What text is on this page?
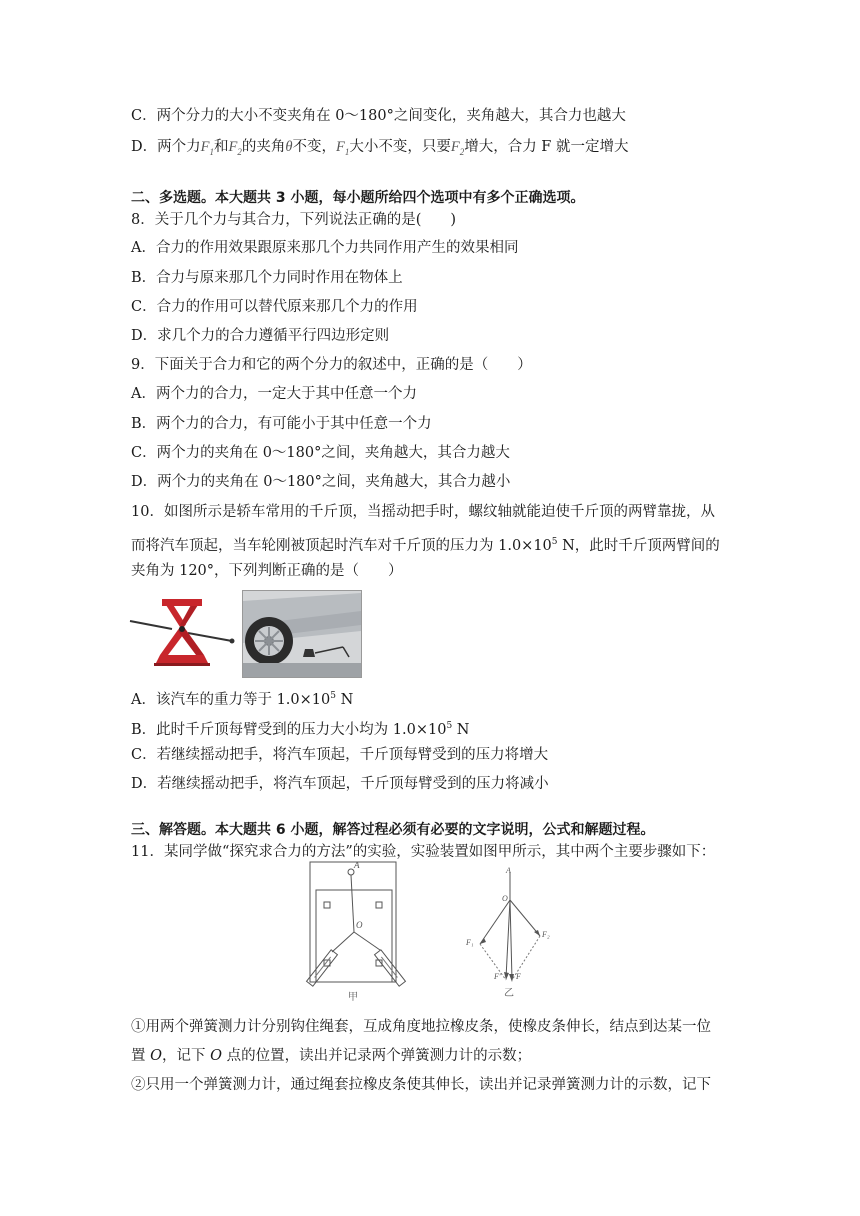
C．两个分力的大小不变夹角在 0～180°之间变化，夹角越大，其合力也越大
D．两个力$F_1$和$F_2$的夹角θ不变，$F_1$大小不变，只要$F_2$增大，合力 F 就一定增大
二、多选题。本大题共 3 小题，每小题所给四个选项中有多个正确选项。
8．关于几个力与其合力，下列说法正确的是(　　)
A．合力的作用效果跟原来那几个力共同作用产生的效果相同
B．合力与原来那几个力同时作用在物体上
C．合力的作用可以替代原来那几个力的作用
D．求几个力的合力遵循平行四边形定则
9．下面关于合力和它的两个分力的叙述中，正确的是（　　）
A．两个力的合力，一定大于其中任意一个力
B．两个力的合力，有可能小于其中任意一个力
C．两个力的夹角在 0～180°之间，夹角越大，其合力越大
D．两个力的夹角在 0～180°之间，夹角越大，其合力越小
10．如图所示是轿车常用的千斤顶，当摇动把手时，螺纹轴就能迫使千斤顶的两臂靠拢，从
而将汽车顶起，当车轮刚被顶起时汽车对千斤顶的压力为 $1.0\times 10^5$ N，此时千斤顶两臂间的
夹角为 120°，下列判断正确的是（　　）
A．该汽车的重力等于 $1.0\times 10^5$ N
B．此时千斤顶每臂受到的压力大小均为 $1.0\times 10^5$ N
C．若继续摇动把手，将汽车顶起，千斤顶每臂受到的压力将增大
D．若继续摇动把手，将汽车顶起，千斤顶每臂受到的压力将减小
三、解答题。本大题共 6 小题，解答过程必须有必要的文字说明，公式和解题过程。
11．某同学做“探究求合力的方法”的实验，实验装置如图甲所示，其中两个主要步骤如下：
A
O
甲
A
O
F₁
F₂
F′ F
乙
①用两个弹簧测力计分别钩住绳套，互成角度地拉橡皮条，使橡皮条伸长，结点到达某一位
置 O，记下 O 点的位置，读出并记录两个弹簧测力计的示数；
②只用一个弹簧测力计，通过绳套拉橡皮条使其伸长，读出并记录弹簧测力计的示数，记下
